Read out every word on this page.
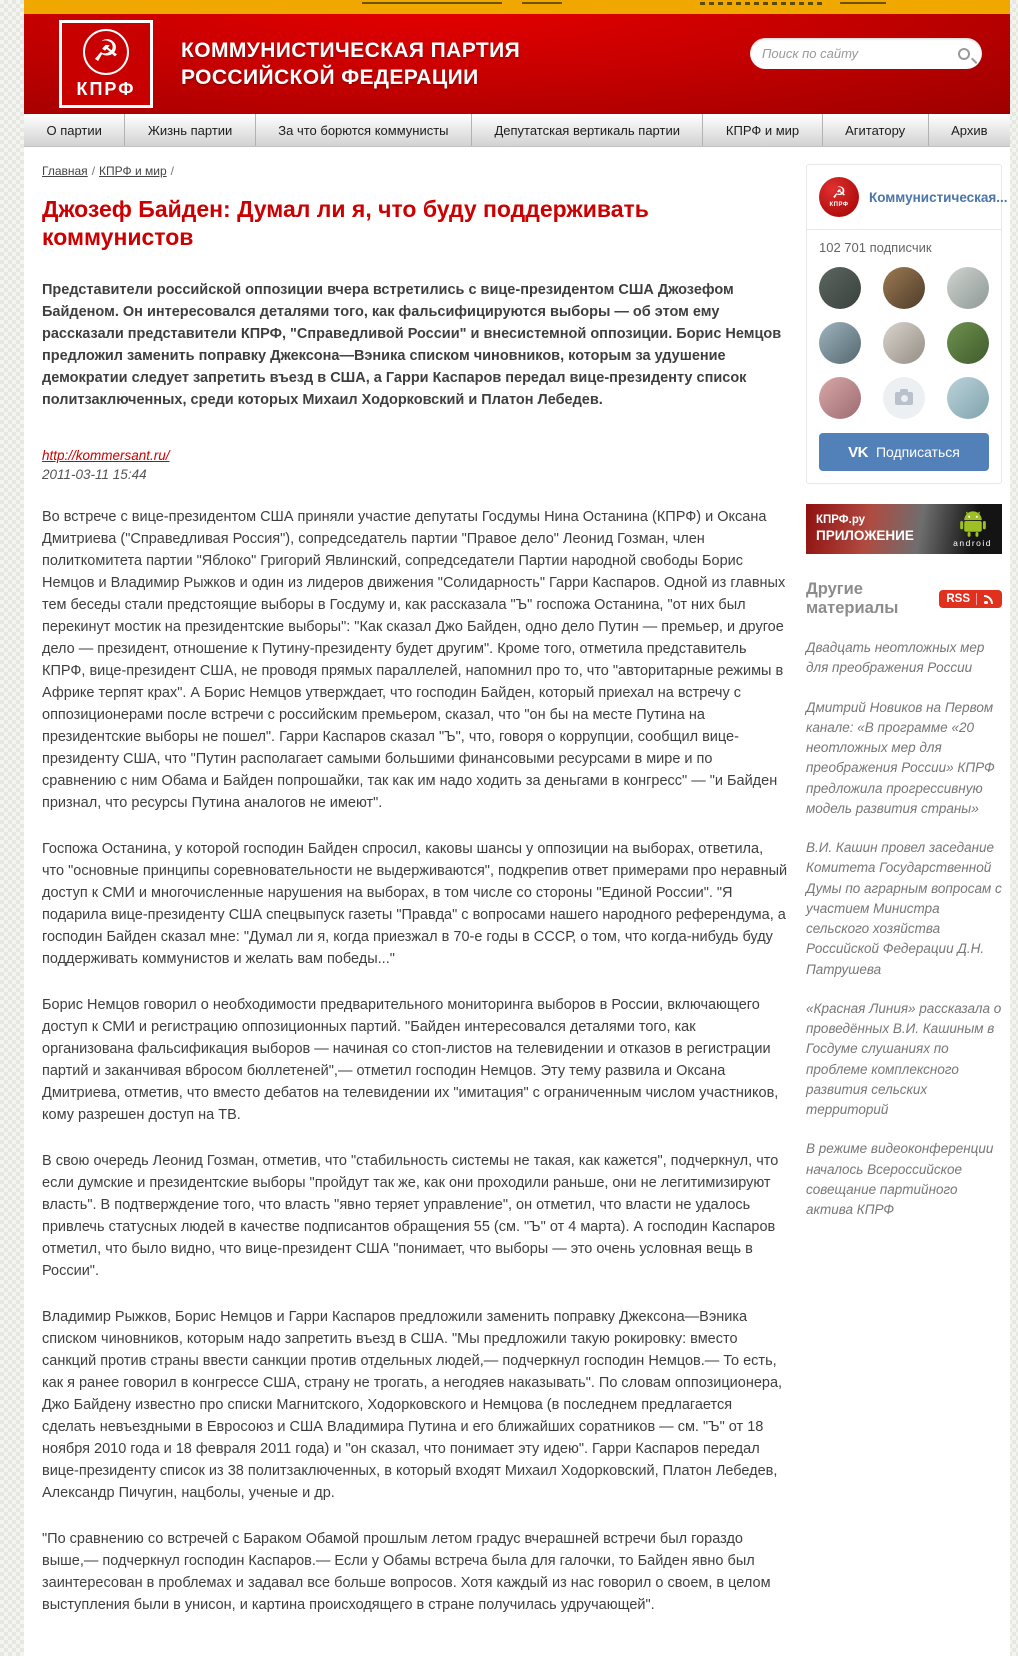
☭
КПРФ
КОММУНИСТИЧЕСКАЯ ПАРТИЯ
РОССИЙСКОЙ ФЕДЕРАЦИИ
Поиск по сайту
О партии	Жизнь партии	За что борются коммунисты	Депутатская вертикаль партии	КПРФ и мир	Агитатору	Архив
Главная / КПРФ и мир /
Джозеф Байден: Думал ли я, что буду поддерживать коммунистов

Представители российской оппозиции вчера встретились с вице-президентом США Джозефом Байденом. Он интересовался деталями того, как фальсифицируются выборы — об этом ему рассказали представители КПРФ, "Справедливой России" и внесистемной оппозиции. Борис Немцов предложил заменить поправку Джексона—Вэника списком чиновников, которым за удушение демократии следует запретить въезд в США, а Гарри Каспаров передал вице-президенту список политзаключенных, среди которых Михаил Ходорковский и Платон Лебедев.

http://kommersant.ru/
2011-03-11 15:44

Во встрече с вице-президентом США приняли участие депутаты Госдумы Нина Останина (КПРФ) и Оксана Дмитриева ("Справедливая Россия"), сопредседатель партии "Правое дело" Леонид Гозман, член политкомитета партии "Яблоко" Григорий Явлинский, сопредседатели Партии народной свободы Борис Немцов и Владимир Рыжков и один из лидеров движения "Солидарность" Гарри Каспаров. Одной из главных тем беседы стали предстоящие выборы в Госдуму и, как рассказала "Ъ" госпожа Останина, "от них был перекинут мостик на президентские выборы": "Как сказал Джо Байден, одно дело Путин — премьер, и другое дело — президент, отношение к Путину-президенту будет другим". Кроме того, отметила представитель КПРФ, вице-президент США, не проводя прямых параллелей, напомнил про то, что "авторитарные режимы в Африке терпят крах". А Борис Немцов утверждает, что господин Байден, который приехал на встречу с оппозиционерами после встречи с российским премьером, сказал, что "он бы на месте Путина на президентские выборы не пошел". Гарри Каспаров сказал "Ъ", что, говоря о коррупции, сообщил вице-президенту США, что "Путин располагает самыми большими финансовыми ресурсами в мире и по сравнению с ним Обама и Байден попрошайки, так как им надо ходить за деньгами в конгресс" — "и Байден признал, что ресурсы Путина аналогов не имеют".

Госпожа Останина, у которой господин Байден спросил, каковы шансы у оппозиции на выборах, ответила, что "основные принципы соревновательности не выдерживаются", подкрепив ответ примерами про неравный доступ к СМИ и многочисленные нарушения на выборах, в том числе со стороны "Единой России". "Я подарила вице-президенту США спецвыпуск газеты "Правда" с вопросами нашего народного референдума, а господин Байден сказал мне: "Думал ли я, когда приезжал в 70-е годы в СССР, о том, что когда-нибудь буду поддерживать коммунистов и желать вам победы..."

Борис Немцов говорил о необходимости предварительного мониторинга выборов в России, включающего доступ к СМИ и регистрацию оппозиционных партий. "Байден интересовался деталями того, как организована фальсификация выборов — начиная со стоп-листов на телевидении и отказов в регистрации партий и заканчивая вбросом бюллетеней",— отметил господин Немцов. Эту тему развила и Оксана Дмитриева, отметив, что вместо дебатов на телевидении их "имитация" с ограниченным числом участников, кому разрешен доступ на ТВ.

В свою очередь Леонид Гозман, отметив, что "стабильность системы не такая, как кажется", подчеркнул, что если думские и президентские выборы "пройдут так же, как они проходили раньше, они не легитимизируют власть". В подтверждение того, что власть "явно теряет управление", он отметил, что власти не удалось привлечь статусных людей в качестве подписантов обращения 55 (см. "Ъ" от 4 марта). А господин Каспаров отметил, что было видно, что вице-президент США "понимает, что выборы — это очень условная вещь в России".

Владимир Рыжков, Борис Немцов и Гарри Каспаров предложили заменить поправку Джексона—Вэника списком чиновников, которым надо запретить въезд в США. "Мы предложили такую рокировку: вместо санкций против страны ввести санкции против отдельных людей,— подчеркнул господин Немцов.— То есть, как я ранее говорил в конгрессе США, страну не трогать, а негодяев наказывать". По словам оппозиционера, Джо Байдену известно про списки Магнитского, Ходорковского и Немцова (в последнем предлагается сделать невъездными в Евросоюз и США Владимира Путина и его ближайших соратников — см. "Ъ" от 18 ноября 2010 года и 18 февраля 2011 года) и "он сказал, что понимает эту идею". Гарри Каспаров передал вице-президенту список из 38 политзаключенных, в который входят Михаил Ходорковский, Платон Лебедев, Александр Пичугин, нацболы, ученые и др.

"По сравнению со встречей с Бараком Обамой прошлым летом градус вчерашней встречи был гораздо выше,— подчеркнул господин Каспаров.— Если у Обамы встреча была для галочки, то Байден явно был заинтересован в проблемах и задавал все больше вопросов. Хотя каждый из нас говорил о своем, в целом выступления были в унисон, и картина происходящего в стране получилась удручающей".

☭
КПРФ
Коммунистическая...
102 701 подписчик
VK Подписаться
КПРФ.ру
ПРИЛОЖЕНИЕ
android
Другие материалы	RSS
Двадцать неотложных мер для преображения России
Дмитрий Новиков на Первом канале: «В программе «20 неотложных мер для преображения России» КПРФ предложила прогрессивную модель развития страны»
В.И. Кашин провел заседание Комитета Государственной Думы по аграрным вопросам с участием Министра сельского хозяйства Российской Федерации Д.Н. Патрушева
«Красная Линия» рассказала о проведённых В.И. Кашиным в Госдуме слушаниях по проблеме комплексного развития сельских территорий
В режиме видеоконференции началось Всероссийское совещание партийного актива КПРФ
